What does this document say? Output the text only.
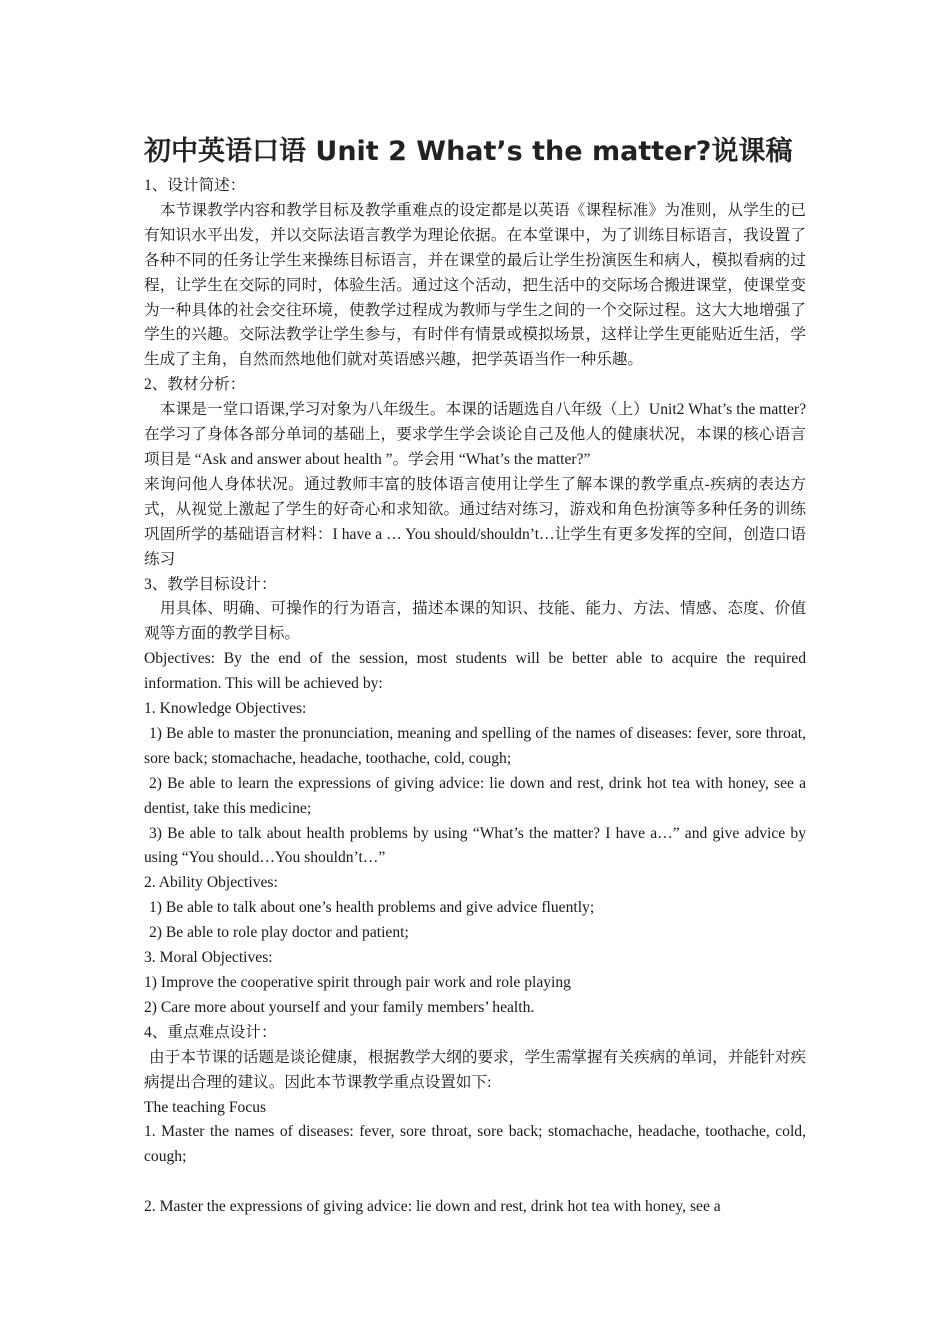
初中英语口语 Unit 2 What’s the matter?说课稿
1、设计简述：
本节课教学内容和教学目标及教学重难点的设定都是以英语《课程标准》为准则，从学生的已有知识水平出发，并以交际法语言教学为理论依据。在本堂课中，为了训练目标语言，我设置了各种不同的任务让学生来操练目标语言，并在课堂的最后让学生扮演医生和病人，模拟看病的过程，让学生在交际的同时，体验生活。通过这个活动，把生活中的交际场合搬进课堂，使课堂变为一种具体的社会交往环境，使教学过程成为教师与学生之间的一个交际过程。这大大地增强了学生的兴趣。交际法教学让学生参与，有时伴有情景或模拟场景，这样让学生更能贴近生活，学生成了主角，自然而然地他们就对英语感兴趣，把学英语当作一种乐趣。
2、教材分析：
本课是一堂口语课,学习对象为八年级生。本课的话题选自八年级（上）Unit2 What’s the matter? 在学习了身体各部分单词的基础上，要求学生学会谈论自己及他人的健康状况，本课的核心语言项目是 “Ask and answer about health ”。学会用 “What’s the matter?”
来询问他人身体状况。通过教师丰富的肢体语言使用让学生了解本课的教学重点-疾病的表达方式，从视觉上激起了学生的好奇心和求知欲。通过结对练习，游戏和角色扮演等多种任务的训练巩固所学的基础语言材料：I have a … You should/shouldn’t…让学生有更多发挥的空间，创造口语练习
3、教学目标设计：
用具体、明确、可操作的行为语言，描述本课的知识、技能、能力、方法、情感、态度、价值观等方面的教学目标。
Objectives: By the end of the session, most students will be better able to acquire the required information. This will be achieved by:
1. Knowledge Objectives:
1) Be able to master the pronunciation, meaning and spelling of the names of diseases: fever, sore throat, sore back; stomachache, headache, toothache, cold, cough;
2) Be able to learn the expressions of giving advice: lie down and rest, drink hot tea with honey, see a dentist, take this medicine;
3) Be able to talk about health problems by using “What’s the matter? I have a…” and give advice by using “You should…You shouldn’t…”
2. Ability Objectives:
1) Be able to talk about one’s health problems and give advice fluently;
2) Be able to role play doctor and patient;
3. Moral Objectives:
1) Improve the cooperative spirit through pair work and role playing
2) Care more about yourself and your family members’ health.
4、重点难点设计：
由于本节课的话题是谈论健康，根据教学大纲的要求，学生需掌握有关疾病的单词，并能针对疾病提出合理的建议。因此本节课教学重点设置如下:
The teaching Focus
1. Master the names of diseases: fever, sore throat, sore back; stomachache, headache, toothache, cold, cough;
2. Master the expressions of giving advice: lie down and rest, drink hot tea with honey, see a
